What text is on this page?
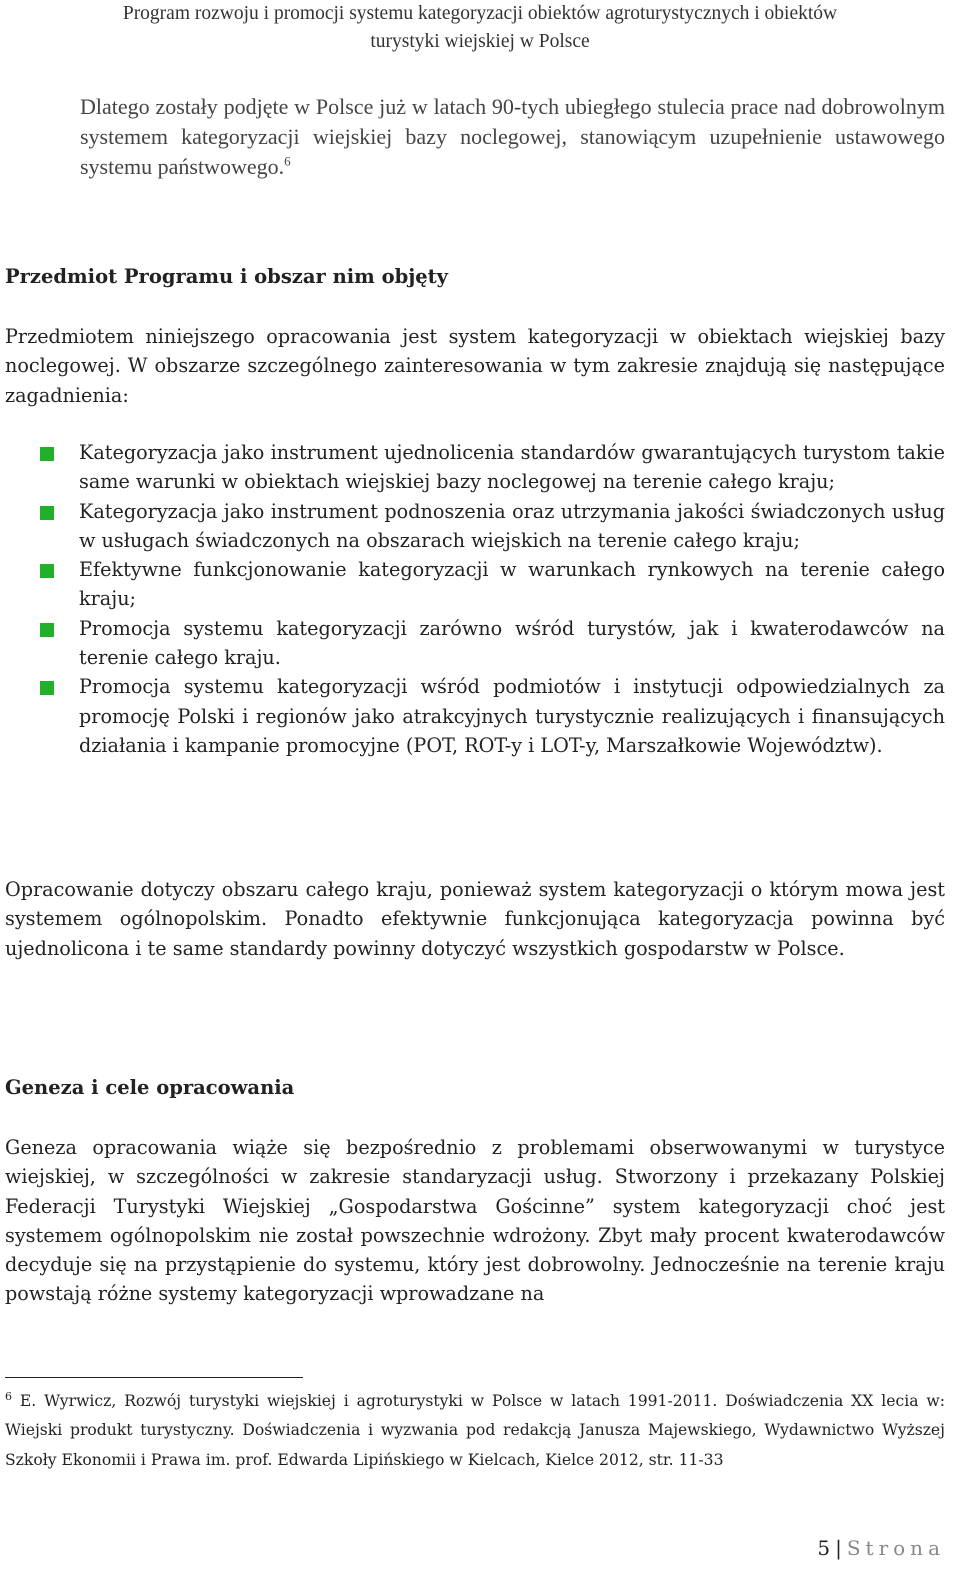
Program rozwoju i promocji systemu kategoryzacji obiektów agroturystycznych i obiektów
turystyki wiejskiej w Polsce
Dlatego zostały podjęte w Polsce już w latach 90-tych ubiegłego stulecia prace nad dobrowolnym systemem kategoryzacji wiejskiej bazy noclegowej, stanowiącym uzupełnienie ustawowego systemu państwowego.$^6$
Przedmiot Programu i obszar nim objęty

Przedmiotem niniejszego opracowania jest system kategoryzacji w obiektach wiejskiej bazy noclegowej. W obszarze szczególnego zainteresowania w tym zakresie znajdują się następujące zagadnienia:

Kategoryzacja jako instrument ujednolicenia standardów gwarantujących turystom takie same warunki w obiektach wiejskiej bazy noclegowej na terenie całego kraju;
Kategoryzacja jako instrument podnoszenia oraz utrzymania jakości świadczonych usług w usługach świadczonych na obszarach wiejskich na terenie całego kraju;
Efektywne funkcjonowanie kategoryzacji w warunkach rynkowych na terenie całego kraju;
Promocja systemu kategoryzacji zarówno wśród turystów, jak i kwaterodawców na terenie całego kraju.
Promocja systemu kategoryzacji wśród podmiotów i instytucji odpowiedzialnych za promocję Polski i regionów jako atrakcyjnych turystycznie realizujących i finansujących działania i kampanie promocyjne (POT, ROT-y i LOT-y, Marszałkowie Województw).

Opracowanie dotyczy obszaru całego kraju, ponieważ system kategoryzacji o którym mowa jest systemem ogólnopolskim. Ponadto efektywnie funkcjonująca kategoryzacja powinna być ujednolicona i te same standardy powinny dotyczyć wszystkich gospodarstw w Polsce.

Geneza i cele opracowania

Geneza opracowania wiąże się bezpośrednio z problemami obserwowanymi w turystyce wiejskiej, w szczególności w zakresie standaryzacji usług. Stworzony i przekazany Polskiej Federacji Turystyki Wiejskiej „Gospodarstwa Gościnne” system kategoryzacji choć jest systemem ogólnopolskim nie został powszechnie wdrożony. Zbyt mały procent kwaterodawców decyduje się na przystąpienie do systemu, który jest dobrowolny. Jednocześnie na terenie kraju powstają różne systemy kategoryzacji wprowadzane na

$^6$ E. Wyrwicz, Rozwój turystyki wiejskiej i agroturystyki w Polsce w latach 1991-2011. Doświadczenia XX lecia w: Wiejski produkt turystyczny. Doświadczenia i wyzwania pod redakcją Janusza Majewskiego, Wydawnictwo Wyższej Szkoły Ekonomii i Prawa im. prof. Edwarda Lipińskiego w Kielcach, Kielce 2012, str. 11-33

5 | Strona
